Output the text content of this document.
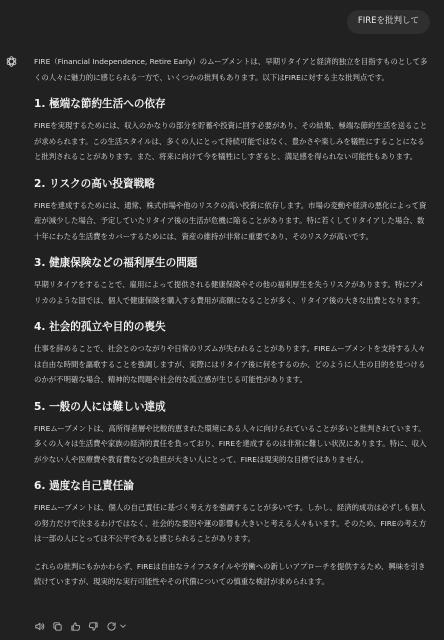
FIREを批判して

FIRE（Financial Independence, Retire Early）のムーブメントは、早期リタイアと経済的独立を目指すものとして多くの人々に魅力的に感じられる一方で、いくつかの批判もあります。以下はFIREに対する主な批判点です。

1. 極端な節約生活への依存

FIREを実現するためには、収入のかなりの部分を貯蓄や投資に回す必要があり、その結果、極端な節約生活を送ることが求められます。この生活スタイルは、多くの人にとって持続可能ではなく、豊かさや楽しみを犠牲にすることになると批判されることがあります。また、将来に向けて今を犠牲にしすぎると、満足感を得られない可能性もあります。

2. リスクの高い投資戦略

FIREを達成するためには、通常、株式市場や他のリスクの高い投資に依存します。市場の変動や経済の悪化によって資産が減少した場合、予定していたリタイア後の生活が危機に陥ることがあります。特に若くしてリタイアした場合、数十年にわたる生活費をカバーするためには、資産の維持が非常に重要であり、そのリスクが高いです。

3. 健康保険などの福利厚生の問題

早期リタイアをすることで、雇用によって提供される健康保険やその他の福利厚生を失うリスクがあります。特にアメリカのような国では、個人で健康保険を購入する費用が高額になることが多く、リタイア後の大きな出費となります。

4. 社会的孤立や目的の喪失

仕事を辞めることで、社会とのつながりや日常のリズムが失われることがあります。FIREムーブメントを支持する人々は自由な時間を謳歌することを強調しますが、実際にはリタイア後に何をするのか、どのように人生の目的を見つけるのかが不明確な場合、精神的な問題や社会的な孤立感が生じる可能性があります。

5. 一般の人には難しい達成

FIREムーブメントは、高所得者層や比較的恵まれた環境にある人々に向けられていることが多いと批判されています。多くの人々は生活費や家族の経済的責任を負っており、FIREを達成するのは非常に難しい状況にあります。特に、収入が少ない人や医療費や教育費などの負担が大きい人にとって、FIREは現実的な目標ではありません。

6. 過度な自己責任論

FIREムーブメントは、個人の自己責任に基づく考え方を強調することが多いです。しかし、経済的成功は必ずしも個人の努力だけで決まるわけではなく、社会的な要因や運の影響も大きいと考える人々もいます。そのため、FIREの考え方は一部の人にとっては不公平であると感じられることがあります。

これらの批判にもかかわらず、FIREは自由なライフスタイルや労働への新しいアプローチを提供するため、興味を引き続けていますが、現実的な実行可能性やその代償についての慎重な検討が求められます。
